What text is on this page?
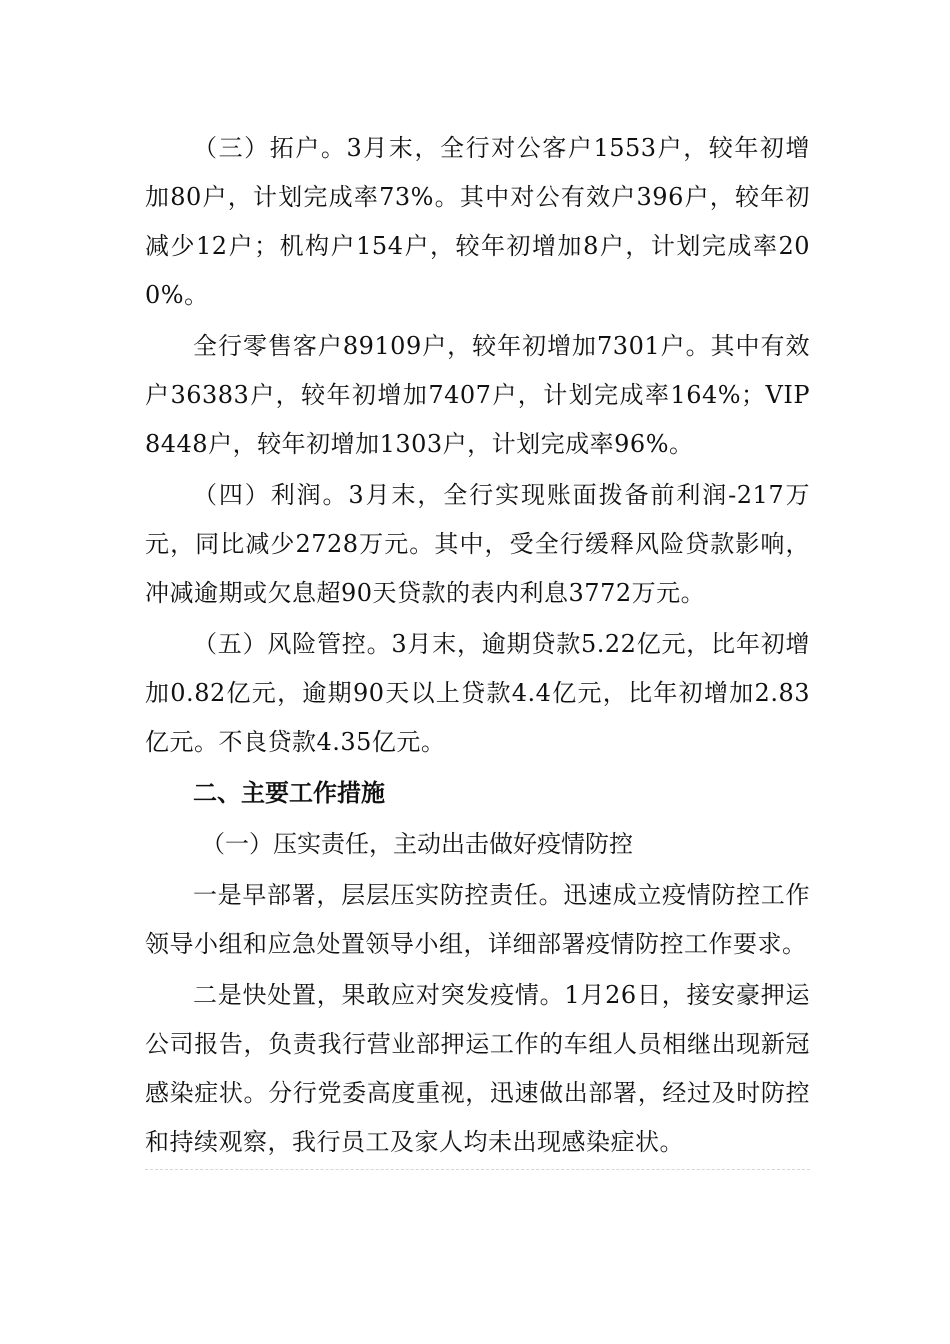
（三）拓户。3月末，全行对公客户1553户，较年初增加80户，计划完成率73%。其中对公有效户396户，较年初减少12户；机构户154户，较年初增加8户，计划完成率200%。

全行零售客户89109户，较年初增加7301户。其中有效户36383户，较年初增加7407户，计划完成率164%；VIP 8448户，较年初增加1303户，计划完成率96%。

（四）利润。3月末，全行实现账面拨备前利润-217万元，同比减少2728万元。其中，受全行缓释风险贷款影响，冲减逾期或欠息超90天贷款的表内利息3772万元。

（五）风险管控。3月末，逾期贷款5.22亿元，比年初增加0.82亿元，逾期90天以上贷款4.4亿元，比年初增加2.83亿元。不良贷款4.35亿元。

二、主要工作措施

（一）压实责任，主动出击做好疫情防控

一是早部署，层层压实防控责任。迅速成立疫情防控工作领导小组和应急处置领导小组，详细部署疫情防控工作要求。

二是快处置，果敢应对突发疫情。1月26日，接安豪押运公司报告，负责我行营业部押运工作的车组人员相继出现新冠感染症状。分行党委高度重视，迅速做出部署，经过及时防控和持续观察，我行员工及家人均未出现感染症状。
